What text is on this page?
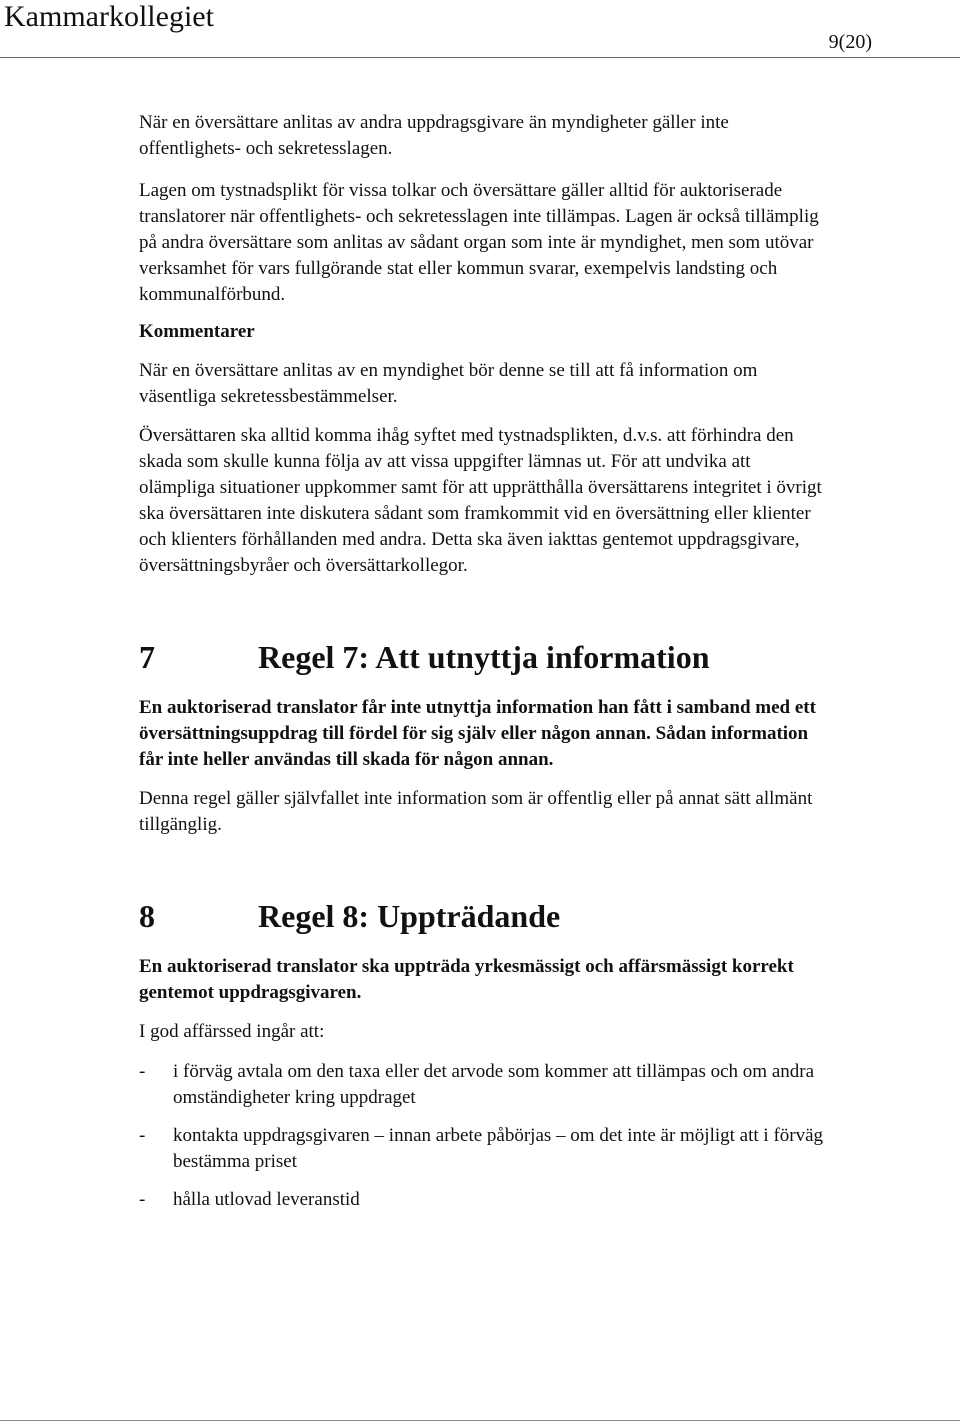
Kammarkollegiet
9(20)

När en översättare anlitas av andra uppdragsgivare än myndigheter gäller inte offentlighets- och sekretesslagen.

Lagen om tystnadsplikt för vissa tolkar och översättare gäller alltid för auktoriserade translatorer när offentlighets- och sekretesslagen inte tillämpas. Lagen är också tillämplig på andra översättare som anlitas av sådant organ som inte är myndighet, men som utövar verksamhet för vars fullgörande stat eller kommun svarar, exempelvis landsting och kommunalförbund.

Kommentarer

När en översättare anlitas av en myndighet bör denne se till att få information om väsentliga sekretessbestämmelser.

Översättaren ska alltid komma ihåg syftet med tystnadsplikten, d.v.s. att förhindra den skada som skulle kunna följa av att vissa uppgifter lämnas ut. För att undvika att olämpliga situationer uppkommer samt för att upprätthålla översättarens integritet i övrigt ska översättaren inte diskutera sådant som framkommit vid en översättning eller klienter och klienters förhållanden med andra. Detta ska även iakttas gentemot uppdragsgivare, översättningsbyråer och översättarkollegor.

7	Regel 7: Att utnyttja information

En auktoriserad translator får inte utnyttja information han fått i samband med ett översättningsuppdrag till fördel för sig själv eller någon annan. Sådan information får inte heller användas till skada för någon annan.

Denna regel gäller självfallet inte information som är offentlig eller på annat sätt allmänt tillgänglig.

8	Regel 8: Uppträdande

En auktoriserad translator ska uppträda yrkesmässigt och affärsmässigt korrekt gentemot uppdragsgivaren.

I god affärssed ingår att:

-	i förväg avtala om den taxa eller det arvode som kommer att tillämpas och om andra omständigheter kring uppdraget
-	kontakta uppdragsgivaren – innan arbete påbörjas – om det inte är möjligt att i förväg bestämma priset
-	hålla utlovad leveranstid
